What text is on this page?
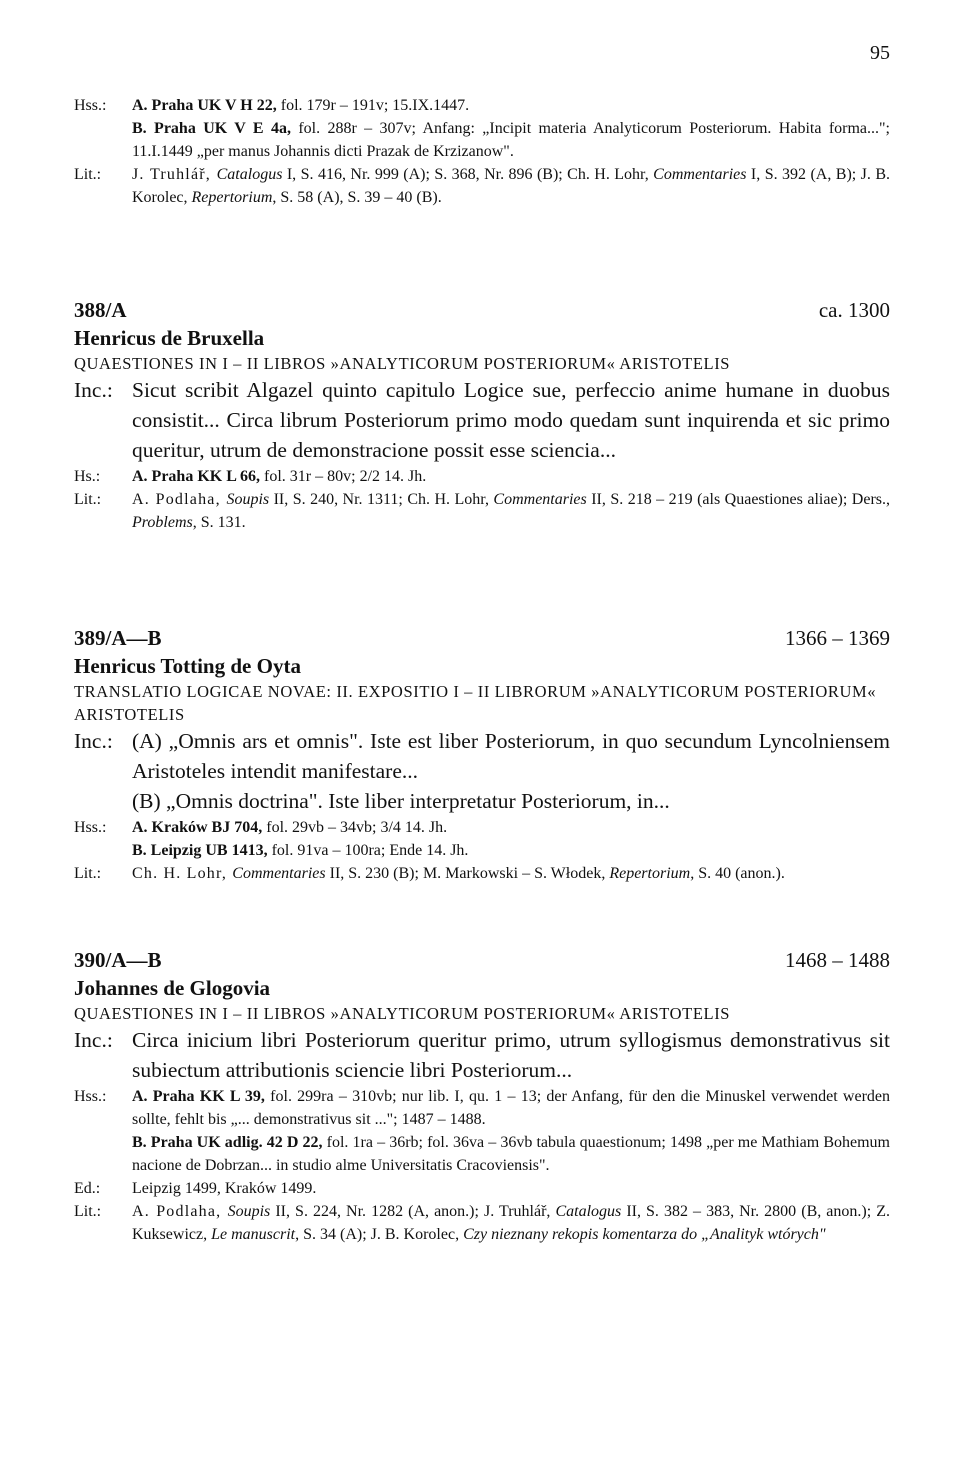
95
Hss.: A. Praha UK V H 22, fol. 179r – 191v; 15.IX.1447.
B. Praha UK V E 4a, fol. 288r – 307v; Anfang: „Incipit materia Analyticorum Posteriorum. Habita forma..."; 11.I.1449 „per manus Johannis dicti Prazak de Krzizanow".
Lit.: J. Truhlář, Catalogus I, S. 416, Nr. 999 (A); S. 368, Nr. 896 (B); Ch. H. Lohr, Commentaries I, S. 392 (A, B); J. B. Korolec, Repertorium, S. 58 (A), S. 39 – 40 (B).
388/A	ca. 1300
Henricus de Bruxella
QUAESTIONES IN I – II LIBROS »ANALYTICORUM POSTERIORUM« ARISTOTELIS
Inc.: Sicut scribit Algazel quinto capitulo Logice sue, perfeccio anime humane in duobus consistit... Circa librum Posteriorum primo modo quedam sunt inquirenda et sic primo queritur, utrum de demonstracione possit esse sciencia...
Hs.: A. Praha KK L 66, fol. 31r – 80v; 2/2 14. Jh.
Lit.: A. Podlaha, Soupis II, S. 240, Nr. 1311; Ch. H. Lohr, Commentaries II, S. 218 – 219 (als Quaestiones aliae); Ders., Problems, S. 131.
389/A—B	1366 – 1369
Henricus Totting de Oyta
TRANSLATIO LOGICAE NOVAE: II. EXPOSITIO I – II LIBRORUM »ANALYTICORUM POSTERIORUM« ARISTOTELIS
Inc.: (A) „Omnis ars et omnis". Iste est liber Posteriorum, in quo secundum Lyncolniensem Aristoteles intendit manifestare...
(B) „Omnis doctrina". Iste liber interpretatur Posteriorum, in...
Hss.: A. Kraków BJ 704, fol. 29vb – 34vb; 3/4 14. Jh.
B. Leipzig UB 1413, fol. 91va – 100ra; Ende 14. Jh.
Lit.: Ch. H. Lohr, Commentaries II, S. 230 (B); M. Markowski – S. Włodek, Repertorium, S. 40 (anon.).
390/A—B	1468 – 1488
Johannes de Glogovia
QUAESTIONES IN I – II LIBROS »ANALYTICORUM POSTERIORUM« ARISTOTELIS
Inc.: Circa inicium libri Posteriorum queritur primo, utrum syllogismus demonstrativus sit subiectum attributionis sciencie libri Posteriorum...
Hss.: A. Praha KK L 39, fol. 299ra – 310vb; nur lib. I, qu. 1 – 13; der Anfang, für den die Minuskel verwendet werden sollte, fehlt bis „... demonstrativus sit ..."; 1487 – 1488.
B. Praha UK adlig. 42 D 22, fol. 1ra – 36rb; fol. 36va – 36vb tabula quaestionum; 1498 „per me Mathiam Bohemum nacione de Dobrzan... in studio alme Universitatis Cracoviensis".
Ed.: Leipzig 1499, Kraków 1499.
Lit.: A. Podlaha, Soupis II, S. 224, Nr. 1282 (A, anon.); J. Truhlář, Catalogus II, S. 382 – 383, Nr. 2800 (B, anon.); Z. Kuksewicz, Le manuscrit, S. 34 (A); J. B. Korolec, Czy nieznany rekopis komentarza do „Analityk wtórych"
